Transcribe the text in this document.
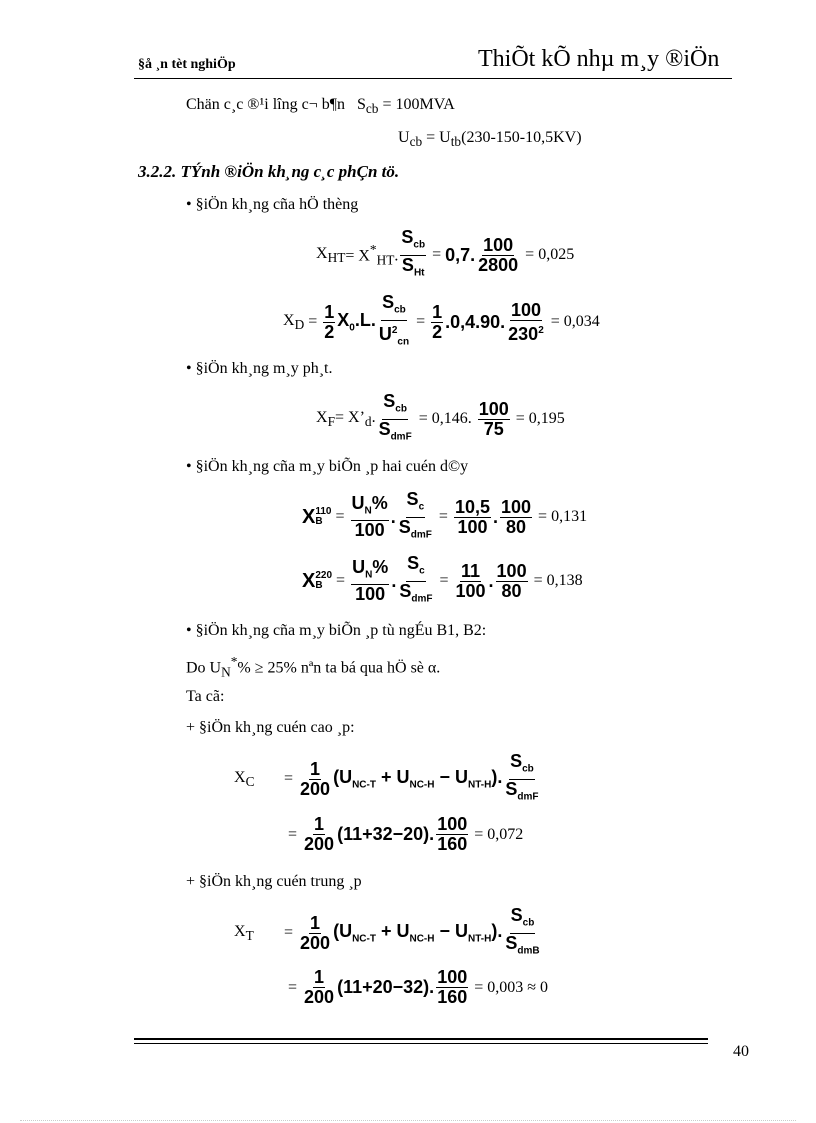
§å ¸n tèt nghiÖp	ThiÕt kÕ nhµ m¸y ®iÖn
Chän c¸c ®¹i lîng c¬ b¶n $S_{cb} = 100MVA$
$U_{cb} = U_{tb}(230-150-10,5KV)$
3.2.2. TÝnh ®iÖn kh¸ng c¸c phÇn tö.
• §iÖn kh¸ng cña hÖ thèng
$X_{HT} = X^*_{HT}$. $\frac{S_{cb}}{S_{Ht}} = 0,7$. $\frac{100}{2800} = 0,025$
$X_D = \frac{1}{2} X_0.L$. $\frac{S_{cb}}{U^2_{cn}} = \frac{1}{2} .0,4.90$. $\frac{100}{230^2} = 0,034$
• §iÖn kh¸ng m¸y ph¸t.
$X_F$ = $X’_d$. $\frac{S_{cb}}{S_{dmF}} = 0,146$. $\frac{100}{75} = 0,195$
• §iÖn kh¸ng cña m¸y biÕn ¸p hai cuén d©y
X 110
$B = \frac{U_N\%}{100}$ . $\frac{S_c}{S_{dmF}} = \frac{10,5}{100}$ . $\frac{100}{80} = 0,131$
X 220
$B = \frac{U_N\%}{100}$ . $\frac{S_c}{S_{dmF}} = \frac{11}{100}$ . $\frac{100}{80} = 0,138$
• §iÖn kh¸ng cña m¸y biÕn ¸p tù ngÉu B1, B2:
Do $U_N^*\% \ge 25\%$ nªn ta bá qua hÖ sè α.
Ta cã:
+ §iÖn kh¸ng cuén cao ¸p:
$X_C$	= $\frac{1}{200} (U_{NC-T} + U_{NC-H} - U_{NT-H})$. $\frac{S_{cb}}{S_{dmF}}$
= $\frac{1}{200} (11+32-20)$. $\frac{100}{160} = 0,072$
+ §iÖn kh¸ng cuén trung ¸p
$X_T$	= $\frac{1}{200} (U_{NC-T} + U_{NC-H} - U_{NT-H})$. $\frac{S_{cb}}{S_{dmB}}$
= $\frac{1}{200} (11+20-32)$. $\frac{100}{160} = 0,003 \approx 0$
40
